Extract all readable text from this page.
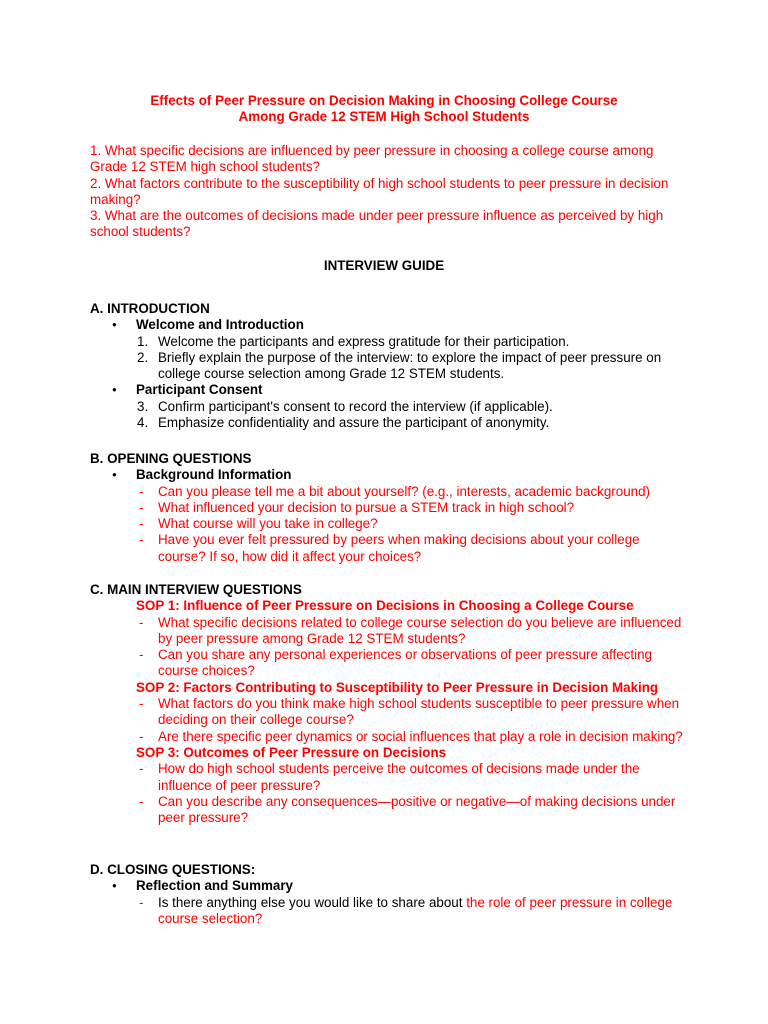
Effects of Peer Pressure on Decision Making in Choosing College Course
Among Grade 12 STEM High School Students
1. What specific decisions are influenced by peer pressure in choosing a college course among Grade 12 STEM high school students?
2. What factors contribute to the susceptibility of high school students to peer pressure in decision making?
3. What are the outcomes of decisions made under peer pressure influence as perceived by high school students?
INTERVIEW GUIDE
A. INTRODUCTION
● Welcome and Introduction
1. Welcome the participants and express gratitude for their participation.
2. Briefly explain the purpose of the interview: to explore the impact of peer pressure on college course selection among Grade 12 STEM students.
● Participant Consent
3. Confirm participant's consent to record the interview (if applicable).
4. Emphasize confidentiality and assure the participant of anonymity.
B. OPENING QUESTIONS
● Background Information
- Can you please tell me a bit about yourself? (e.g., interests, academic background)
- What influenced your decision to pursue a STEM track in high school?
- What course will you take in college?
- Have you ever felt pressured by peers when making decisions about your college course? If so, how did it affect your choices?
C. MAIN INTERVIEW QUESTIONS
SOP 1: Influence of Peer Pressure on Decisions in Choosing a College Course
- What specific decisions related to college course selection do you believe are influenced by peer pressure among Grade 12 STEM students?
- Can you share any personal experiences or observations of peer pressure affecting course choices?
SOP 2: Factors Contributing to Susceptibility to Peer Pressure in Decision Making
- What factors do you think make high school students susceptible to peer pressure when deciding on their college course?
- Are there specific peer dynamics or social influences that play a role in decision making?
SOP 3: Outcomes of Peer Pressure on Decisions
- How do high school students perceive the outcomes of decisions made under the influence of peer pressure?
- Can you describe any consequences—positive or negative—of making decisions under peer pressure?
D. CLOSING QUESTIONS:
● Reflection and Summary
- Is there anything else you would like to share about the role of peer pressure in college course selection?
